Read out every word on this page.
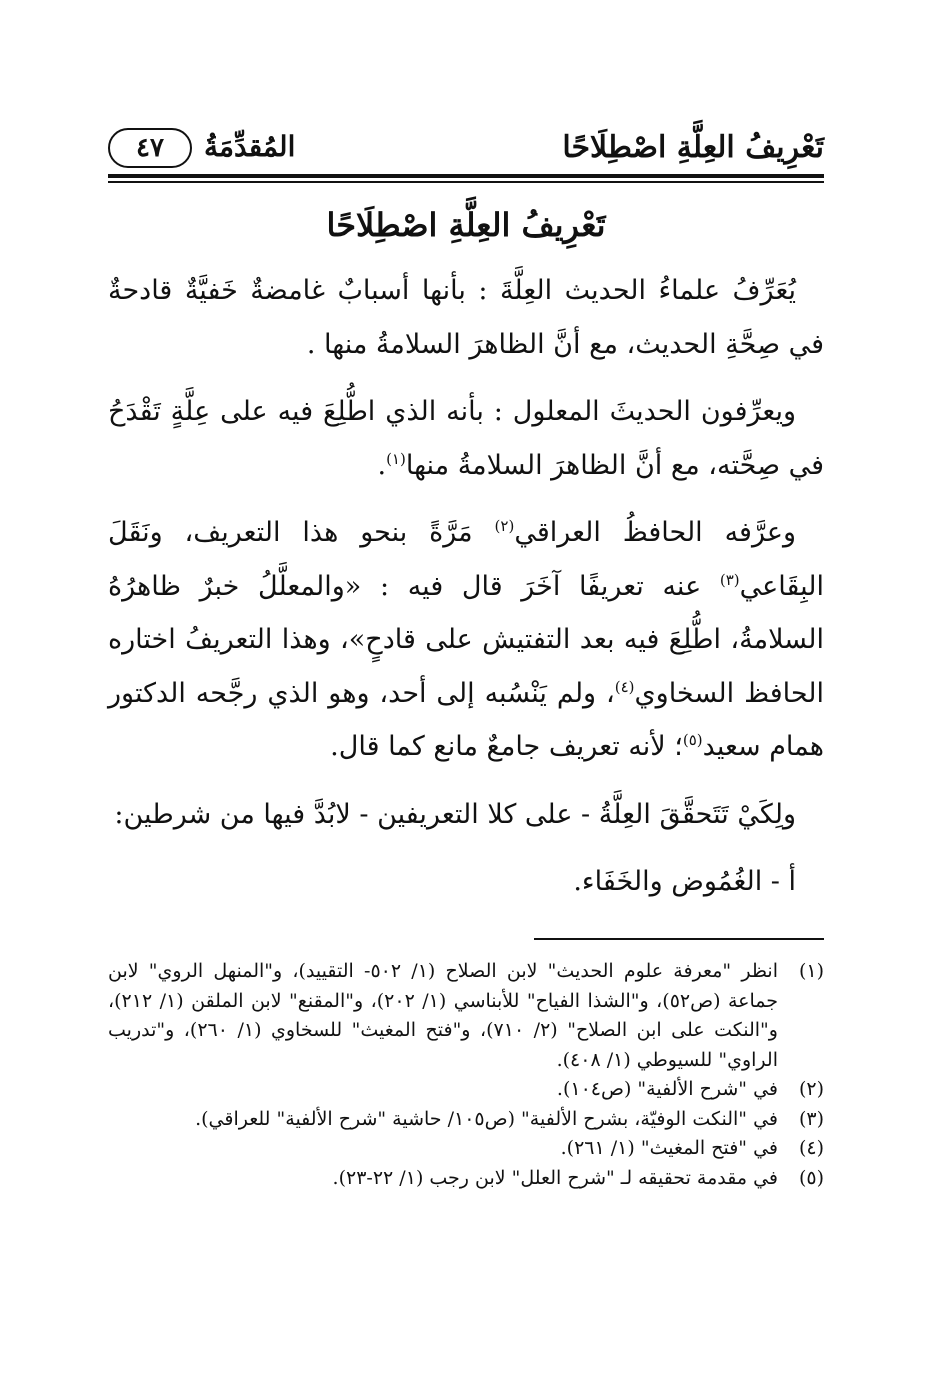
٤٧ المُقدِّمَةُ	تَعْرِيفُ العِلَّةِ اصْطِلَاحًا
تَعْرِيفُ العِلَّةِ اصْطِلَاحًا

يُعَرِّفُ علماءُ الحديث العِلَّةَ : بأنها أسبابٌ غامضةٌ خَفيَّةٌ قادحةٌ في صِحَّةِ الحديث، مع أنَّ الظاهرَ السلامةُ منها .

ويعرِّفون الحديثَ المعلول : بأنه الذي اطُّلِعَ فيه على عِلَّةٍ تَقْدَحُ في صِحَّته، مع أنَّ الظاهرَ السلامةُ منها$^{(١)}$.

وعرَّفه الحافظُ العراقي$^{(٢)}$ مَرَّةً بنحو هذا التعريف، ونَقَلَ البِقَاعي$^{(٣)}$ عنه تعريفًا آخَرَ قال فيه : «والمعلَّلُ خبرٌ ظاهرُهُ السلامةُ، اطُّلِعَ فيه بعد التفتيش على قادحٍ»، وهذا التعريفُ اختاره الحافظ السخاوي$^{(٤)}$، ولم يَنْسُبه إلى أحد، وهو الذي رجَّحه الدكتور همام سعيد$^{(٥)}$؛ لأنه تعريف جامعٌ مانع كما قال.

ولِكَيْ تَتَحقَّقَ العِلَّةُ - على كلا التعريفين - لابُدَّ فيها من شرطين:

أ - الغُمُوض والخَفَاء.

(١)
انظر "معرفة علوم الحديث" لابن الصلاح (١/ ٥٠٢- التقييد)، و"المنهل الروي" لابن جماعة (ص٥٢)، و"الشذا الفياح" للأبناسي (١/ ٢٠٢)، و"المقنع" لابن الملقن (١/ ٢١٢)، و"النكت على ابن الصلاح" (٢/ ٧١٠)، و"فتح المغيث" للسخاوي (١/ ٢٦٠)، و"تدريب الراوي" للسيوطي (١/ ٤٠٨).
(٢)
في "شرح الألفية" (ص١٠٤).
(٣)
في "النكت الوفيّة، بشرح الألفية" (ص١٠٥/ حاشية "شرح الألفية" للعراقي).
(٤)
في "فتح المغيث" (١/ ٢٦١).
(٥)
في مقدمة تحقيقه لـ "شرح العلل" لابن رجب (١/ ٢٢-٢٣).
